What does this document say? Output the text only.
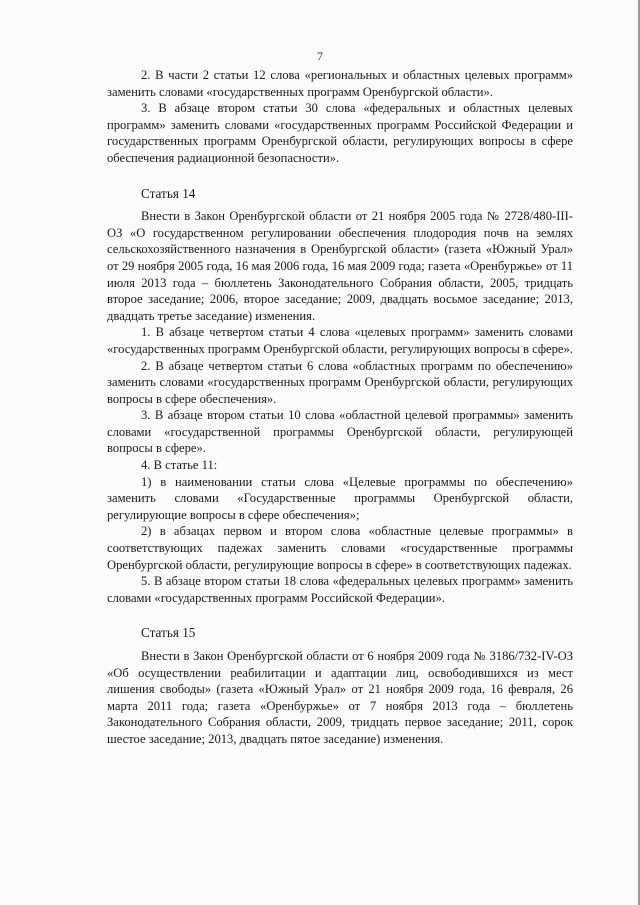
7

2. В части 2 статьи 12 слова «региональных и областных целевых программ» заменить словами «государственных программ Оренбургской области».

3. В абзаце втором статьи 30 слова «федеральных и областных целевых программ» заменить словами «государственных программ Российской Федерации и государственных программ Оренбургской области, регулирующих вопросы в сфере обеспечения радиационной безопасности».

Статья 14

Внести в Закон Оренбургской области от 21 ноября 2005 года № 2728/480-III-ОЗ «О государственном регулировании обеспечения плодородия почв на землях сельскохозяйственного назначения в Оренбургской области» (газета «Южный Урал» от 29 ноября 2005 года, 16 мая 2006 года, 16 мая 2009 года; газета «Оренбуржье» от 11 июля 2013 года – бюллетень Законодательного Собрания области, 2005, тридцать второе заседание; 2006, второе заседание; 2009, двадцать восьмое заседание; 2013, двадцать третье заседание) изменения.

1. В абзаце четвертом статьи 4 слова «целевых программ» заменить словами «государственных программ Оренбургской области, регулирующих вопросы в сфере».

2. В абзаце четвертом статьи 6 слова «областных программ по обеспечению» заменить словами «государственных программ Оренбургской области, регулирующих вопросы в сфере обеспечения».

3. В абзаце втором статьи 10 слова «областной целевой программы» заменить словами «государственной программы Оренбургской области, регулирующей вопросы в сфере».

4. В статье 11:

1) в наименовании статьи слова «Целевые программы по обеспечению» заменить словами «Государственные программы Оренбургской области, регулирующие вопросы в сфере обеспечения»;

2) в абзацах первом и втором слова «областные целевые программы» в соответствующих падежах заменить словами «государственные программы Оренбургской области, регулирующие вопросы в сфере» в соответствующих падежах.

5. В абзаце втором статьи 18 слова «федеральных целевых программ» заменить словами «государственных программ Российской Федерации».

Статья 15

Внести в Закон Оренбургской области от 6 ноября 2009 года № 3186/732-IV-ОЗ «Об осуществлении реабилитации и адаптации лиц, освободившихся из мест лишения свободы» (газета «Южный Урал» от 21 ноября 2009 года, 16 февраля, 26 марта 2011 года; газета «Оренбуржье» от 7 ноября 2013 года – бюллетень Законодательного Собрания области, 2009, тридцать первое заседание; 2011, сорок шестое заседание; 2013, двадцать пятое заседание) изменения.
